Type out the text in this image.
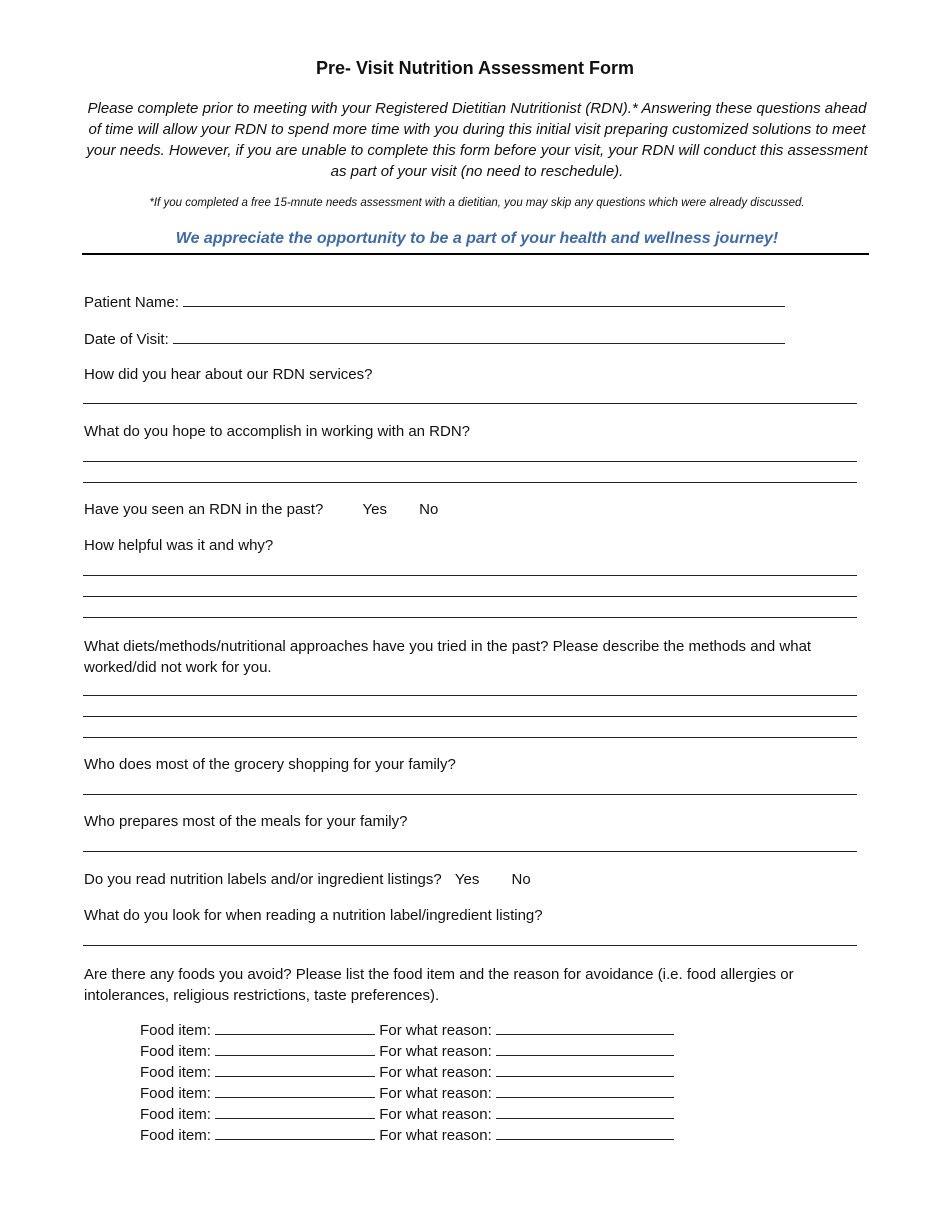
Pre- Visit Nutrition Assessment Form
Please complete prior to meeting with your Registered Dietitian Nutritionist (RDN).* Answering these questions ahead of time will allow your RDN to spend more time with you during this initial visit preparing customized solutions to meet your needs. However, if you are unable to complete this form before your visit, your RDN will conduct this assessment as part of your visit (no need to reschedule).
*If you completed a free 15-mnute needs assessment with a dietitian, you may skip any questions which were already discussed.
We appreciate the opportunity to be a part of your health and wellness journey!
Patient Name:
Date of Visit:
How did you hear about our RDN services?
What do you hope to accomplish in working with an RDN?
Have you seen an RDN in the past?	Yes No
How helpful was it and why?
What diets/methods/nutritional approaches have you tried in the past? Please describe the methods and what worked/did not work for you.
Who does most of the grocery shopping for your family?
Who prepares most of the meals for your family?
Do you read nutrition labels and/or ingredient listings? Yes No
What do you look for when reading a nutrition label/ingredient listing?
Are there any foods you avoid? Please list the food item and the reason for avoidance (i.e. food allergies or intolerances, religious restrictions, taste preferences).
Food item:	For what reason:
Food item:	For what reason:
Food item:	For what reason:
Food item:	For what reason:
Food item:	For what reason:
Food item:	For what reason:
